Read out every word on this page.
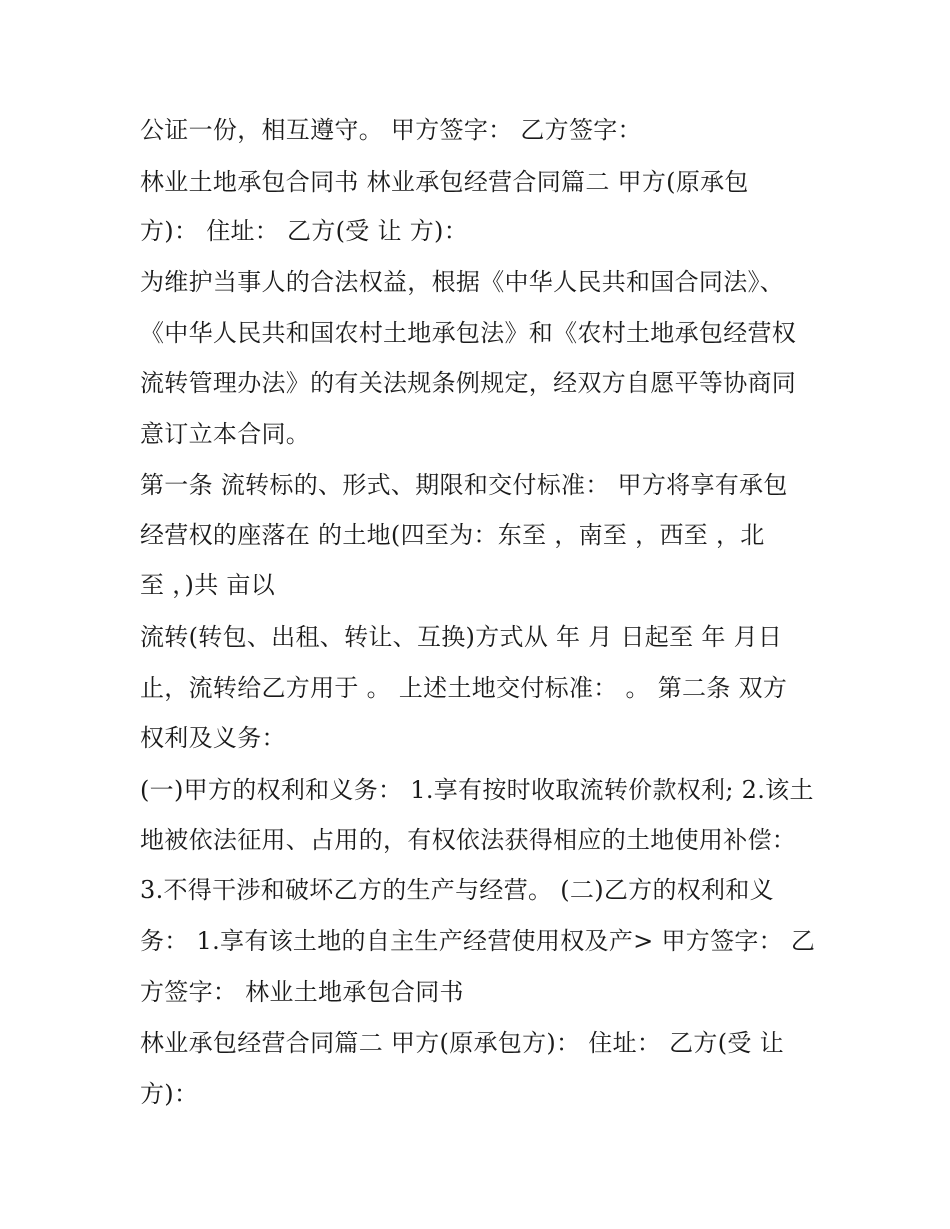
公证一份，相互遵守。 甲方签字： 乙方签字：
林业土地承包合同书 林业承包经营合同篇二 甲方(原承包
方)： 住址： 乙方(受 让 方)：
为维护当事人的合法权益，根据《中华人民共和国合同法》、
《中华人民共和国农村土地承包法》和《农村土地承包经营权
流转管理办法》的有关法规条例规定，经双方自愿平等协商同
意订立本合同。
第一条 流转标的、形式、期限和交付标准： 甲方将享有承包
经营权的座落在 的土地(四至为：东至 ，南至 ，西至 ，北
至 ，)共 亩以
流转(转包、出租、转让、互换)方式从 年 月 日起至 年 月日
止，流转给乙方用于 。 上述土地交付标准： 。 第二条 双方
权利及义务：
(一)甲方的权利和义务： 1.享有按时收取流转价款权利; 2.该土
地被依法征用、占用的，有权依法获得相应的土地使用补偿：
3.不得干涉和破坏乙方的生产与经营。 (二)乙方的权利和义
务： 1.享有该土地的自主生产经营使用权及产> 甲方签字： 乙
方签字： 林业土地承包合同书
林业承包经营合同篇二 甲方(原承包方)： 住址： 乙方(受 让
方)：
